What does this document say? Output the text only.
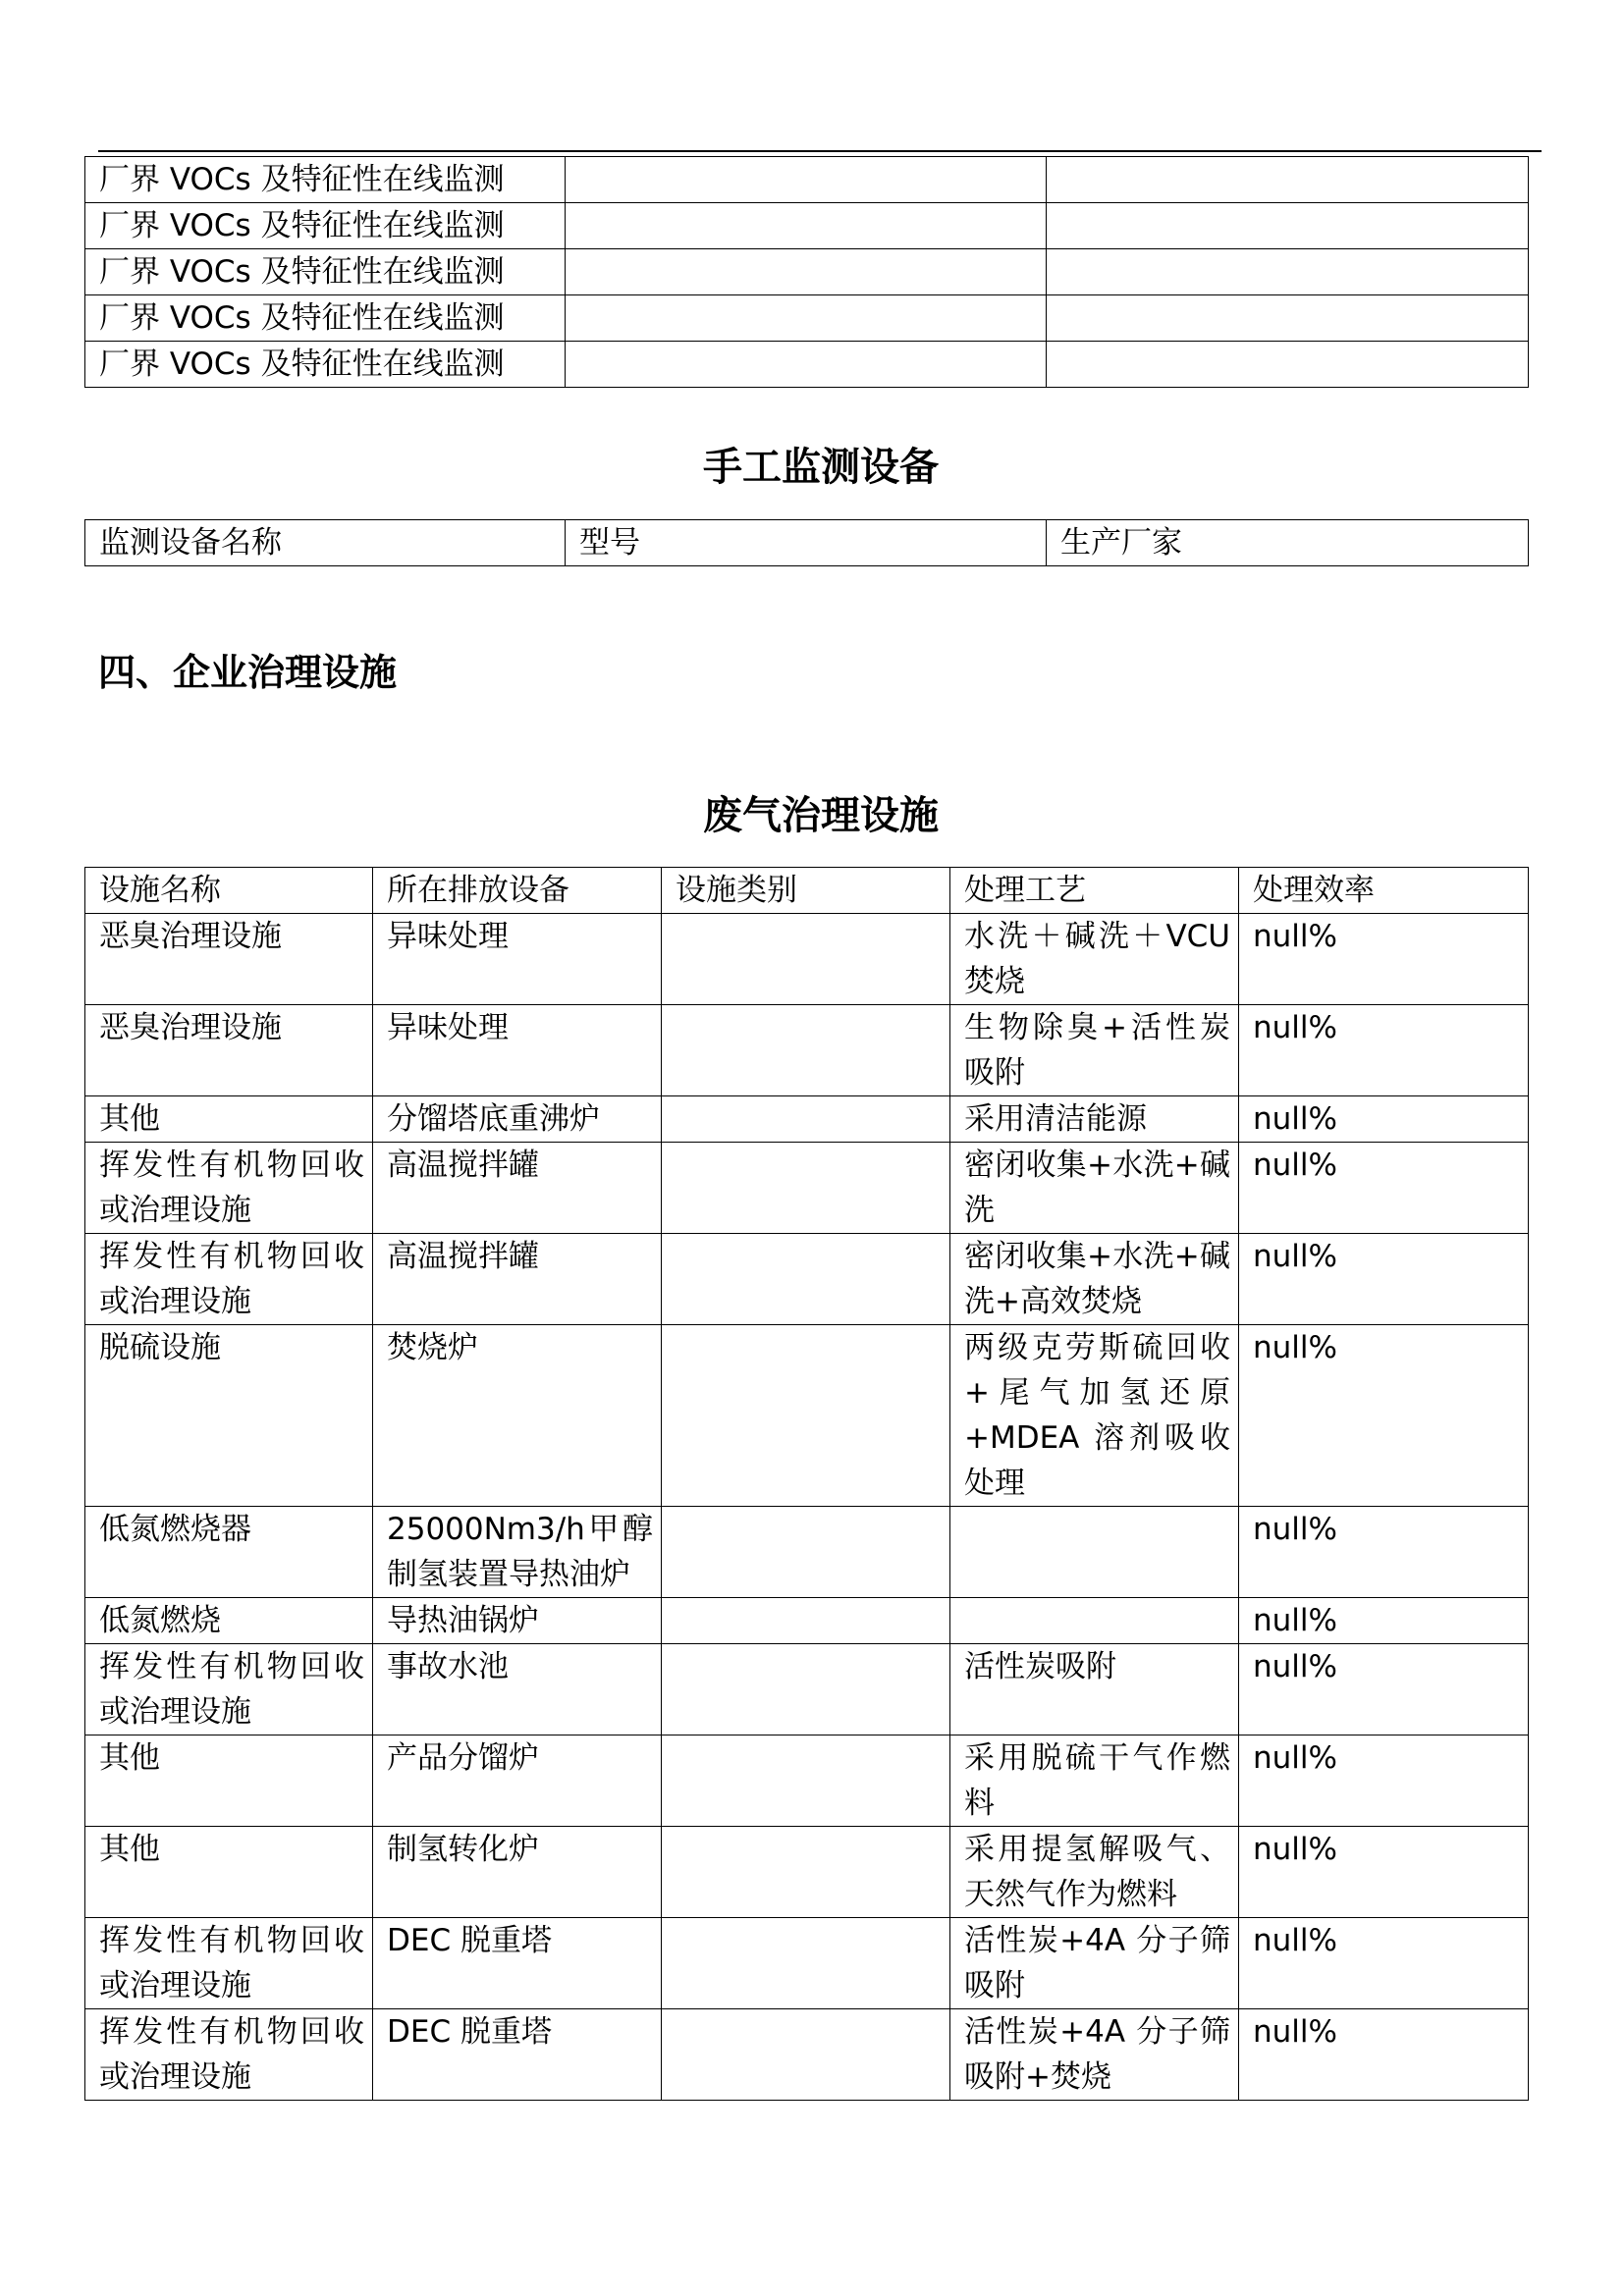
厂界 VOCs 及特征性在线监测		
厂界 VOCs 及特征性在线监测		
厂界 VOCs 及特征性在线监测		
厂界 VOCs 及特征性在线监测		
厂界 VOCs 及特征性在线监测		
手工监测设备
监测设备名称	型号	生产厂家
四、企业治理设施
废气治理设施
设施名称	所在排放设备	设施类别	处理工艺	处理效率
恶臭治理设施	异味处理		水洗＋碱洗＋VCU焚烧	null%
恶臭治理设施	异味处理		生物除臭+活性炭吸附	null%
其他	分馏塔底重沸炉		采用清洁能源	null%
挥发性有机物回收或治理设施	高温搅拌罐		密闭收集+水洗+碱洗	null%
挥发性有机物回收或治理设施	高温搅拌罐		密闭收集+水洗+碱洗+高效焚烧	null%
脱硫设施	焚烧炉		两级克劳斯硫回收+尾气加氢还原+MDEA 溶剂吸收处理	null%
低氮燃烧器	25000Nm3/h甲醇制氢装置导热油炉			null%
低氮燃烧	导热油锅炉			null%
挥发性有机物回收或治理设施	事故水池		活性炭吸附	null%
其他	产品分馏炉		采用脱硫干气作燃料	null%
其他	制氢转化炉		采用提氢解吸气、天然气作为燃料	null%
挥发性有机物回收或治理设施	DEC 脱重塔		活性炭+4A 分子筛吸附	null%
挥发性有机物回收或治理设施	DEC 脱重塔		活性炭+4A 分子筛吸附+焚烧	null%
